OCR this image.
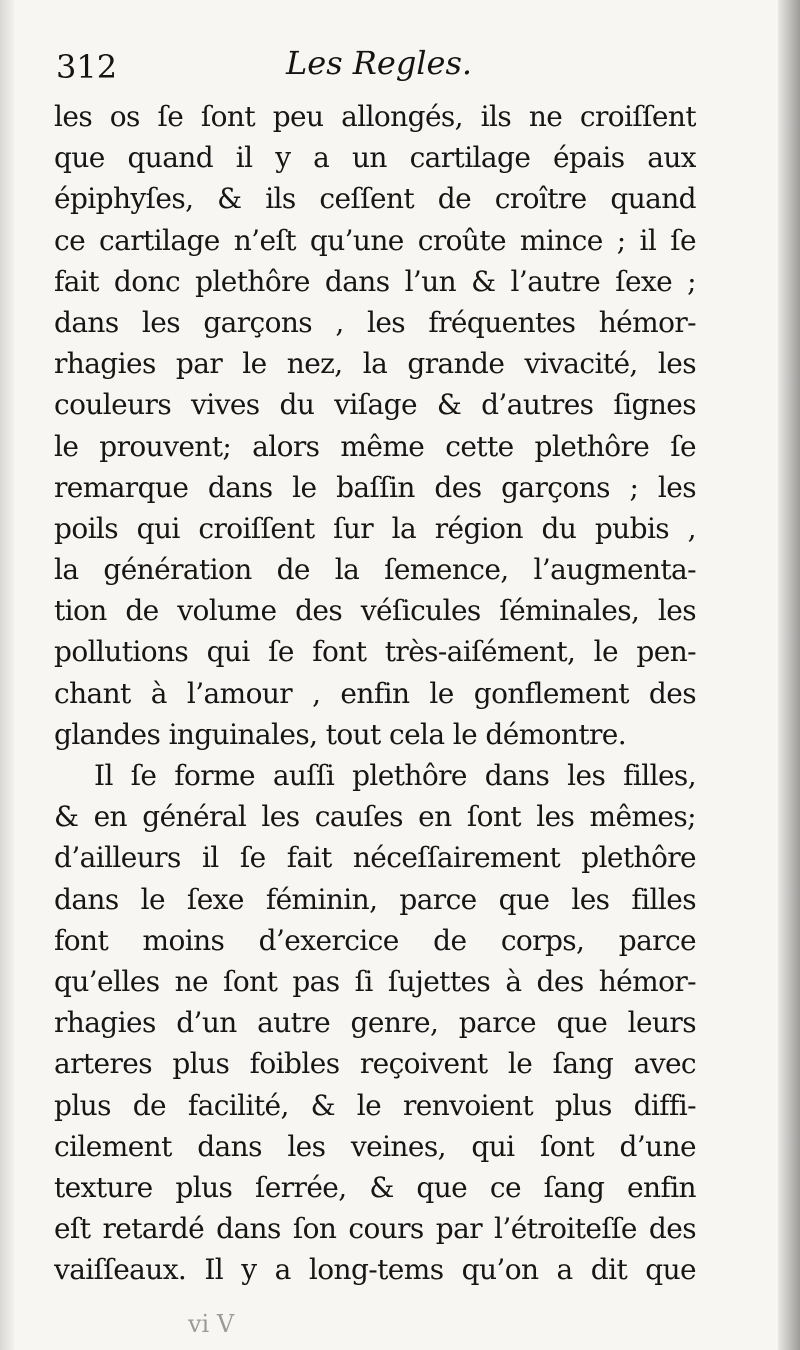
312	Les Regles.
les os ſe ſont peu allongés, ils ne croiſſent
que quand il y a un cartilage épais aux
épiphyſes, & ils ceſſent de croître quand
ce cartilage n’eſt qu’une croûte mince ; il ſe
fait donc plethôre dans l’un & l’autre ſexe ;
dans les garçons , les fréquentes hémor-
rhagies par le nez, la grande vivacité, les
couleurs vives du viſage & d’autres ſignes
le prouvent; alors même cette plethôre ſe
remarque dans le baſſin des garçons ; les
poils qui croiſſent ſur la région du pubis ,
la génération de la ſemence, l’augmenta-
tion de volume des véſicules ſéminales, les
pollutions qui ſe font très-aiſément, le pen-
chant à l’amour , enfin le gonflement des
glandes inguinales, tout cela le démontre.
Il ſe forme auſſi plethôre dans les filles,
& en général les cauſes en ſont les mêmes;
d’ailleurs il ſe fait néceſſairement plethôre
dans le ſexe féminin, parce que les filles
font moins d’exercice de corps, parce
qu’elles ne ſont pas ſi ſujettes à des hémor-
rhagies d’un autre genre, parce que leurs
arteres plus foibles reçoivent le ſang avec
plus de facilité, & le renvoient plus diffi-
cilement dans les veines, qui ſont d’une
texture plus ſerrée, & que ce ſang enfin
eſt retardé dans ſon cours par l’étroiteſſe des
vaiſſeaux. Il y a long-tems qu’on a dit que
vi V
